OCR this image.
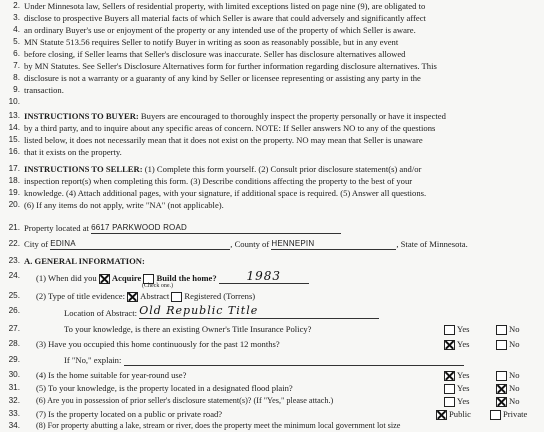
2. Under Minnesota law, Sellers of residential property, with limited exceptions listed on page nine (9), are obligated to
3. disclose to prospective Buyers all material facts of which Seller is aware that could adversely and significantly affect
4. an ordinary Buyer's use or enjoyment of the property or any intended use of the property of which Seller is aware.
5. MN Statute 513.56 requires Seller to notify Buyer in writing as soon as reasonably possible, but in any event
6. before closing, if Seller learns that Seller's disclosure was inaccurate. Seller has disclosure alternatives allowed
7. by MN Statutes. See Seller's Disclosure Alternatives form for further information regarding disclosure alternatives. This
8. disclosure is not a warranty or a guaranty of any kind by Seller or licensee representing or assisting any party in the
9. transaction.
10.
13. INSTRUCTIONS TO BUYER: Buyers are encouraged to thoroughly inspect the property personally or have it inspected
14. by a third party, and to inquire about any specific areas of concern. NOTE: If Seller answers NO to any of the questions
15. listed below, it does not necessarily mean that it does not exist on the property. NO may mean that Seller is unaware
16. that it exists on the property.
17. INSTRUCTIONS TO SELLER: (1) Complete this form yourself. (2) Consult prior disclosure statement(s) and/or
18. inspection report(s) when completing this form. (3) Describe conditions affecting the property to the best of your
19. knowledge. (4) Attach additional pages, with your signature, if additional space is required. (5) Answer all questions.
20. (6) If any items do not apply, write "NA" (not applicable).
21. Property located at 6617 PARKWOOD ROAD
22. City of EDINA	, County of HENNEPIN	, State of Minnesota.
23. A. GENERAL INFORMATION:
24. (1) When did you Acquire Build the home? 1983
(Check one.)
25. (2) Type of title evidence: Abstract Registered (Torrens)
26.	Location of Abstract: Old Republic Title
27.	To your knowledge, is there an existing Owner's Title Insurance Policy?	Yes	No
28. (3) Have you occupied this home continuously for the past 12 months?	Yes	No
29.	If "No," explain:
30. (4) Is the home suitable for year-round use?	Yes	No
31. (5) To your knowledge, is the property located in a designated flood plain?	Yes	No
32. (6) Are you in possession of prior seller's disclosure statement(s)? (If "Yes," please attach.)	Yes	No
33. (7) Is the property located on a public or private road?	Public	Private
34. (8) For property abutting a lake, stream or river, does the property meet the minimum local government lot size
